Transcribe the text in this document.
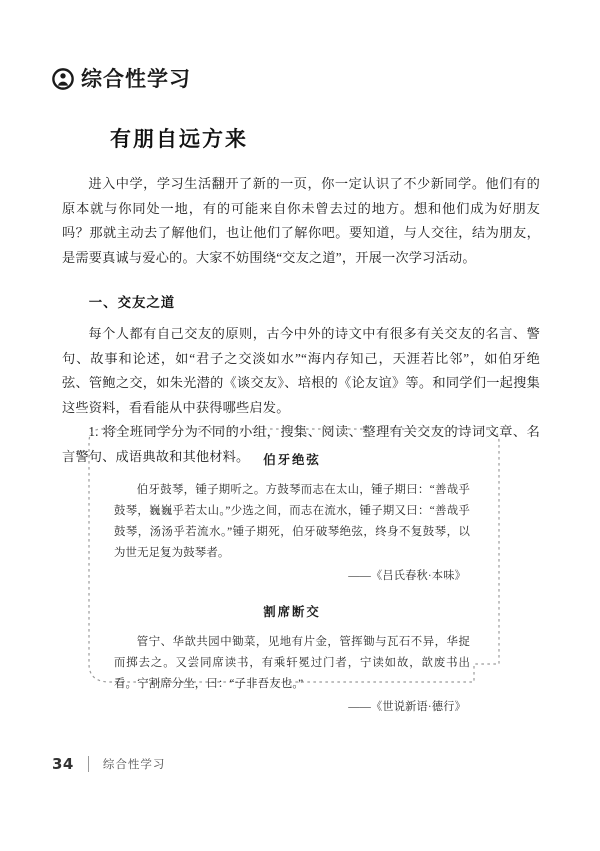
综合性学习
有朋自远方来

进入中学，学习生活翻开了新的一页，你一定认识了不少新同学。他们有的原本就与你同处一地，有的可能来自你未曾去过的地方。想和他们成为好朋友吗？那就主动去了解他们，也让他们了解你吧。要知道，与人交往，结为朋友，是需要真诚与爱心的。大家不妨围绕“交友之道”，开展一次学习活动。

一、交友之道

每个人都有自己交友的原则，古今中外的诗文中有很多有关交友的名言、警句、故事和论述，如“君子之交淡如水”“海内存知己，天涯若比邻”，如伯牙绝弦、管鲍之交，如朱光潜的《谈交友》、培根的《论友谊》等。和同学们一起搜集这些资料，看看能从中获得哪些启发。

1. 将全班同学分为不同的小组，搜集、阅读、整理有关交友的诗词文章、名言警句、成语典故和其他材料。	伯牙绝弦

伯牙鼓琴，锺子期听之。方鼓琴而志在太山，锺子期曰：“善哉乎鼓琴，巍巍乎若太山。”少选之间，而志在流水，锺子期又曰：“善哉乎鼓琴，汤汤乎若流水。”锺子期死，伯牙破琴绝弦，终身不复鼓琴，以为世无足复为鼓琴者。

——《吕氏春秋·本味》
割席断交

管宁、华歆共园中锄菜，见地有片金，管挥锄与瓦石不异，华捉而掷去之。又尝同席读书，有乘轩冕过门者，宁读如故，歆废书出看。宁割席分坐，曰：“子非吾友也。”

——《世说新语·德行》
34	综合性学习
